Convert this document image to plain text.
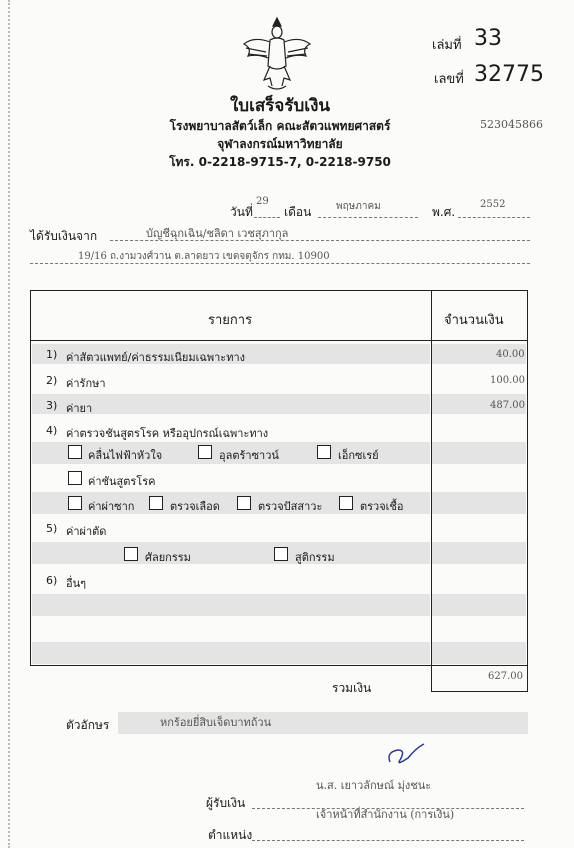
เล่มที่ 33
เลขที่ 32775
ใบเสร็จรับเงิน
โรงพยาบาลสัตว์เล็ก คณะสัตวแพทยศาสตร์
จุฬาลงกรณ์มหาวิทยาลัย
โทร. 0-2218-9715-7, 0-2218-9750
523045866
วันที่
29
เดือน พฤษภาคม	พ.ศ.
2552
ได้รับเงินจาก	บัญชีฉุกเฉิน/ชลิดา เวชสุภากุล
19/16 ถ.งามวงศ์วาน ต.ลาดยาว เขตจตุจักร กทม. 10900
รายการ	จำนวนเงิน
1) ค่าสัตวแพทย์/ค่าธรรมเนียมเฉพาะทาง	40.00
2) ค่ารักษา	100.00
3) ค่ายา	487.00
4) ค่าตรวจชันสูตรโรค หรืออุปกรณ์เฉพาะทาง
คลื่นไฟฟ้าหัวใจ	อุลตร้าซาวน์	เอ็กซเรย์
ค่าชันสูตรโรค
ค่าผ่าซาก	ตรวจเลือด	ตรวจปัสสาวะ	ตรวจเชื้อ
5) ค่าผ่าตัด
ศัลยกรรม	สูติกรรม
6) อื่นๆ
รวมเงิน
627.00
ตัวอักษร	หกร้อยยี่สิบเจ็ดบาทถ้วน
น.ส. เยาวลักษณ์ มุ่งชนะ
ผู้รับเงิน
เจ้าหน้าที่สำนักงาน (การเงิน)
ตำแหน่ง
